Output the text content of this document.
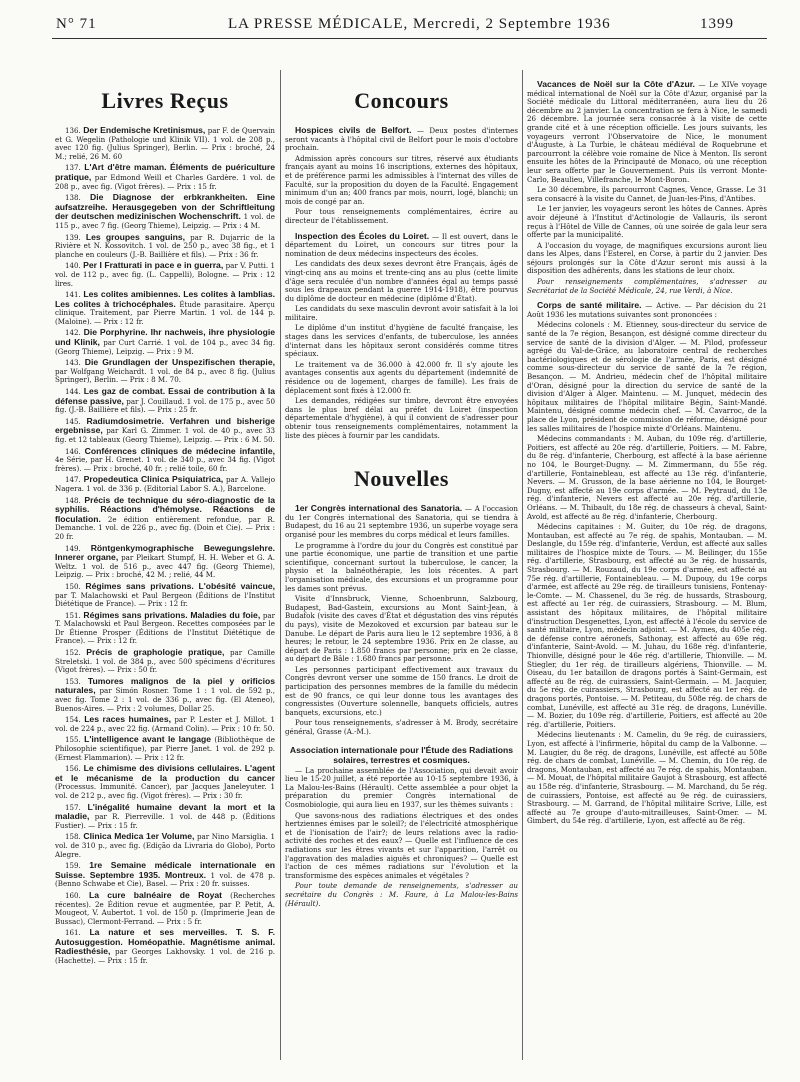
N° 71	LA PRESSE MÉDICALE, Mercredi, 2 Septembre 1936	1399
Livres Reçus

136. Der Endemische Kretinismus, par F. de Quervain et G. Wegelin (Pathologie und Klinik VII). 1 vol. de 208 p., avec 120 fig. (Julius Springer), Berlin. — Prix : broché, 24 M.; relié, 26 M. 60

137. L'Art d'être maman. Éléments de puériculture pratique, par Edmond Weill et Charles Gardère. 1 vol. de 208 p., avec fig. (Vigot frères). — Prix : 15 fr.

138. Die Diagnose der erbkrankheiten. Eine aufsatzreihe. Herausgegeben von der Schriftleitung der deutschen medizinischen Wochenschrift. 1 vol. de 115 p., avec 7 fig. (Georg Thieme), Leipzig. — Prix : 4 M.

139. Les groupes sanguins, par R. Dujarric de la Rivière et N. Kossovitch. 1 vol. de 250 p., avec 38 fig., et 1 planche en couleurs (J.-B. Baillière et fils). — Prix : 36 fr.

140. Per I Fratturati in pace e in guerra, par V. Putti. 1 vol. de 112 p., avec fig. (L. Cappelli), Bologne. — Prix : 12 lires.

141. Les colites amibiennes. Les colites à lamblias. Les colites à trichocéphales. Étude parasitaire. Aperçu clinique. Traitement, par Pierre Martin. 1 vol. de 144 p. (Maloine). — Prix : 12 fr.

142. Die Porphyrine. Ihr nachweis, ihre physiologie und Klinik, par Curt Carrié. 1 vol. de 104 p., avec 34 fig. (Georg Thieme), Leipzig. — Prix : 9 M.

143. Die Grundlagen der Unspezifischen therapie, par Wolfgang Weichardt. 1 vol. de 84 p., avec 8 fig. (Julius Springer), Berlin. — Prix : 8 M. 70.

144. Les gaz de combat. Essai de contribution à la défense passive, par J. Couillaud. 1 vol. de 175 p., avec 50 fig. (J.-B. Baillière et fils). — Prix : 25 fr.

145. Radiumdosimetrie. Verfahren und bisherige ergebnisse, par Karl G. Zimmer. 1 vol. de 40 p., avec 33 fig. et 12 tableaux (Georg Thieme), Leipzig. — Prix : 6 M. 50.

146. Conférences cliniques de médecine infantile, 4e Série, par H. Grenet. 1 vol. de 340 p., avec 34 fig. (Vigot frères). — Prix : broché, 40 fr. ; relié toile, 60 fr.

147. Propedeutica Clinica Psiquiatrica, par A. Vallejo Nagera. 1 vol. de 336 p. (Editorial Labor S. A.), Barcelone.

148. Précis de technique du séro-diagnostic de la syphilis. Réactions d'hémolyse. Réactions de floculation. 2e édition entièrement refondue, par R. Demanche. 1 vol. de 226 p., avec fig. (Doin et Cie). — Prix : 20 fr.

149. Röntgenkymographische Bewegungslehre. Innerer organe, par Pleikart Stumpf, H. H. Weber et G. A. Weltz. 1 vol. de 516 p., avec 447 fig. (Georg Thieme), Leipzig. — Prix : broché, 42 M. ; relié, 44 M.

150. Régimes sans privations. L'obésité vaincue, par T. Malachowski et Paul Bergeon (Éditions de l'Institut Diététique de France). — Prix : 12 fr.

151. Régimes sans privations. Maladies du foie, par T. Malachowski et Paul Bergeon. Recettes composées par le Dr Étienne Prosper (Éditions de l'Institut Diététique de France). — Prix : 12 fr.

152. Précis de graphologie pratique, par Camille Streletski. 1 vol. de 384 p., avec 500 spécimens d'écritures (Vigot frères). — Prix : 50 fr.

153. Tumores malignos de la piel y orificios naturales, par Simón Rosner. Tome 1 : 1 vol. de 592 p., avec fig. Tome 2 : 1 vol. de 336 p., avec fig. (El Ateneo), Buenos-Aires. — Prix : 2 volumes, Dollar 25.

154. Les races humaines, par P. Lester et J. Millot. 1 vol. de 224 p., avec 22 fig. (Armand Colin). — Prix : 10 fr. 50.

155. L'intelligence avant le langage (Bibliothèque de Philosophie scientifique), par Pierre Janet. 1 vol. de 292 p. (Ernest Flammarion). — Prix : 12 fr.

156. Le chimisme des divisions cellulaires. L'agent et le mécanisme de la production du cancer (Processus. Immunité. Cancer), par Jacques Janeleyuter. 1 vol. de 212 p., avec fig. (Vigot frères). — Prix : 30 fr.

157. L'inégalité humaine devant la mort et la maladie, par R. Pierreville. 1 vol. de 448 p. (Éditions Fustier). — Prix : 15 fr.

158. Clinica Medica 1er Volume, par Nino Marsiglia. 1 vol. de 310 p., avec fig. (Edição da Livraria do Globo), Porto Alegre.

159. 1re Semaine médicale internationale en Suisse. Septembre 1935. Montreux. 1 vol. de 478 p. (Benno Schwabe et Cie), Basel. — Prix : 20 fr. suisses.

160. La cure balnéaire de Royat (Recherches récentes). 2e Édition revue et augmentée, par P. Petit, A. Mougeot, V. Aubertot. 1 vol. de 150 p. (Imprimerie Jean de Bussac), Clermont-Ferrand. — Prix : 5 fr.

161. La nature et ses merveilles. T. S. F. Autosuggestion. Homéopathie. Magnétisme animal. Radiesthésie, par Georges Lakhovsky. 1 vol. de 216 p. (Hachette). — Prix : 15 fr.

Concours

Hospices civils de Belfort. — Deux postes d'internes seront vacants à l'hôpital civil de Belfort pour le mois d'octobre prochain.

Admission après concours sur titres, réservé aux étudiants français ayant au moins 16 inscriptions, externes des hôpitaux, et de préférence parmi les admissibles à l'internat des villes de Faculté, sur la proposition du doyen de la Faculté. Engagement minimum d'un an; 400 francs par mois, nourri, logé, blanchi; un mois de congé par an.

Pour tous renseignements complémentaires, écrire au directeur de l'établissement.

Inspection des Écoles du Loiret. — Il est ouvert, dans le département du Loiret, un concours sur titres pour la nomination de deux médecins inspecteurs des écoles.

Les candidats des deux sexes devront être Français, âgés de vingt-cinq ans au moins et trente-cinq ans au plus (cette limite d'âge sera reculée d'un nombre d'années égal au temps passé sous les drapeaux pendant la guerre 1914-1918), être pourvus du diplôme de docteur en médecine (diplôme d'État).

Les candidats du sexe masculin devront avoir satisfait à la loi militaire.

Le diplôme d'un institut d'hygiène de faculté française, les stages dans les services d'enfants, de tuberculose, les années d'internat dans les hôpitaux seront considérés comme titres spéciaux.

Le traitement va de 36.000 à 42.000 fr. Il s'y ajoute les avantages consentis aux agents du département (indemnité de résidence ou de logement, charges de famille). Les frais de déplacement sont fixés à 12.000 fr.

Les demandes, rédigées sur timbre, devront être envoyées dans le plus bref délai au préfet du Loiret (inspection départementale d'hygiène), à qui il convient de s'adresser pour obtenir tous renseignements complémentaires, notamment la liste des pièces à fournir par les candidats.

Nouvelles

1er Congrès international des Sanatoria. — A l'occasion du 1er Congrès international des Sanatoria, qui se tiendra à Budapest, du 16 au 21 septembre 1936, un superbe voyage sera organisé pour les membres du corps médical et leurs familles.

Le programme à l'ordre du jour du Congrès est constitué par une partie économique, une partie de transition et une partie scientifique, concernant surtout la tuberculose, le cancer, la physio et la balnéothérapie, les lois récentes. A part l'organisation médicale, des excursions et un programme pour les dames sont prévus.

Visite d'Innsbruck, Vienne, Schoenbrunn, Salzbourg, Budapest, Bad-Gastein, excursions au Mont Saint-Jean, à Budafok (visite des caves d'État et dégustation des vins réputés du pays), visite de Mezokoved et excursion par bateau sur le Danube. Le départ de Paris aura lieu le 12 septembre 1936, à 8 heures; le retour, le 24 septembre 1936. Prix en 2e classe, au départ de Paris : 1.850 francs par personne; prix en 2e classe, au départ de Bâle : 1.680 francs par personne.

Les personnes participant effectivement aux travaux du Congrès devront verser une somme de 150 francs. Le droit de participation des personnes membres de la famille du médecin est de 90 francs, ce qui leur donne tous les avantages des congressistes (Ouverture solennelle, banquets officiels, autres banquets, excursions, etc.)

Pour tous renseignements, s'adresser à M. Brody, secrétaire général, Grasse (A.-M.).

Association internationale pour l'Étude des Radiations solaires, terrestres et cosmiques.

— La prochaine assemblée de l'Association, qui devait avoir lieu le 15-20 juillet, a été reportée au 10-15 septembre 1936, à La Malou-les-Bains (Hérault). Cette assemblée a pour objet la préparation du premier Congrès international de Cosmobiologie, qui aura lieu en 1937, sur les thèmes suivants :

Que savons-nous des radiations électriques et des ondes hertziennes émises par le soleil?; de l'électricité atmosphérique et de l'ionisation de l'air?; de leurs relations avec la radio-activité des roches et des eaux? — Quelle est l'influence de ces radiations sur les êtres vivants et sur l'apparition, l'arrêt ou l'aggravation des maladies aiguës et chroniques? — Quelle est l'action de ces mêmes radiations sur l'évolution et la transformisme des espèces animales et végétales ?

Pour toute demande de renseignements, s'adresser au secrétaire du Congrès : M. Faure, à La Malou-les-Bains (Hérault).

Vacances de Noël sur la Côte d'Azur. — Le XIVe voyage médical international de Noël sur la Côte d'Azur, organisé par la Société médicale du Littoral méditerranéen, aura lieu du 26 décembre au 2 janvier. La concentration se fera à Nice, le samedi 26 décembre. La journée sera consacrée à la visite de cette grande cité et à une réception officielle. Les jours suivants, les voyageurs verront l'Observatoire de Nice, le monument d'Auguste, à La Turbie, le château médiéval de Roquebrune et parcourront la célèbre voie romaine de Nice à Menton. Ils seront ensuite les hôtes de la Principauté de Monaco, où une réception leur sera offerte par le Gouvernement. Puis ils verront Monte-Carlo, Beaulieu, Villefranche, le Mont-Boron.

Le 30 décembre, ils parcourront Cagnes, Vence, Grasse. Le 31 sera consacré à la visite du Cannet, de Juan-les-Pins, d'Antibes.

Le 1er janvier, les voyageurs seront les hôtes de Cannes. Après avoir déjeuné à l'Institut d'Actinologie de Vallauris, ils seront reçus à l'Hôtel de Ville de Cannes, où une soirée de gala leur sera offerte par la municipalité.

A l'occasion du voyage, de magnifiques excursions auront lieu dans les Alpes, dans l'Esterel, en Corse, à partir du 2 janvier. Des séjours prolongés sur la Côte d'Azur seront mis aussi à la disposition des adhérents, dans les stations de leur choix.

Pour renseignements complémentaires, s'adresser au Secrétariat de la Société Médicale, 24, rue Verdi, à Nice.

Corps de santé militaire. — Active. — Par décision du 21 Août 1936 les mutations suivantes sont prononcées :

Médecins colonels : M. Etienney, sous-directeur du service de santé de la 7e région, Besançon, est désigné comme directeur du service de santé de la division d'Alger. — M. Pilod, professeur agrégé du Val-de-Grâce, au laboratoire central de recherches bactériologiques et de sérologie de l'armée, Paris, est désigné comme sous-directeur du service de santé de la 7e région, Besançon. — M. Andrieu, médecin chef de l'hôpital militaire d'Oran, désigné pour la direction du service de santé de la division d'Alger à Alger. Maintenu. — M. Junquet, médecin des hôpitaux militaires de l'hôpital militaire Bégin, Saint-Mandé. Maintenu, désigné comme médecin chef. — M. Cavarroc, de la place de Lyon, président de commission de réforme, désigné pour les salles militaires de l'hospice mixte d'Orléans. Maintenu.

Médecins commandants : M. Auban, du 109e rég. d'artillerie, Poitiers, est affecté au 20e rég. d'artillerie, Poitiers. — M. Fabre, du 8e rég. d'infanterie, Cherbourg, est affecté à la base aérienne no 104, le Bourget-Dugny. — M. Zimmermann, du 55e rég. d'artillerie, Fontainebleau, est affecté au 13e rég. d'infanterie, Nevers. — M. Grusson, de la base aérienne no 104, le Bourget-Dugny, est affecté au 19e corps d'armée. — M. Peytraud, du 13e rég. d'infanterie, Nevers est affecté au 20e rég. d'artillerie, Orléans. — M. Thibault, du 18e rég. de chasseurs à cheval, Saint-Avold, est affecté au 8e rég. d'infanterie, Cherbourg.

Médecins capitaines : M. Guiter, du 10e rég. de dragons, Montauban, est affecté au 7e rég. de spahis, Montauban. — M. Deslangle, du 159e rég. d'infanterie, Verdun, est affecté aux salles militaires de l'hospice mixte de Tours. — M. Beilinger, du 155e rég. d'artillerie, Strasbourg, est affecté au 3e rég. de hussards, Strasbourg. — M. Rouzaud, du 19e corps d'armée, est affecté au 75e rég. d'artillerie, Fontainebleau. — M. Dupouy, du 19e corps d'armée, est affecté au 29e rég. de tirailleurs tunisiens, Fontenay-le-Comte. — M. Chassenel, du 3e rég. de hussards, Strasbourg, est affecté au 1er rég. de cuirassiers, Strasbourg. — M. Blum, assistant des hôpitaux militaires, de l'hôpital militaire d'instruction Desgenettes, Lyon, est affecté à l'école du service de santé militaire, Lyon, médecin adjoint. — M. Aymes, du 405e rég. de défense contre aéronefs, Sathonay, est affecté au 69e rég. d'infanterie, Saint-Avold. — M. Juhau, du 168e rég. d'infanterie, Thionville, désigné pour le 46e rég. d'artillerie, Thionville. — M. Stiegler, du 1er rég. de tirailleurs algériens, Thionville. — M. Oiseau, du 1er bataillon de dragons portés à Saint-Germain, est affecté au 8e rég. de cuirassiers, Saint-Germain. — M. Jacquier, du 5e rég. de cuirassiers, Strasbourg, est affecté au 1er rég. de dragons portés, Pontoise. — M. Petiteau, du 508e rég. de chars de combat, Lunéville, est affecté au 31e rég. de dragons, Lunéville. — M. Bozier, du 109e rég. d'artillerie, Poitiers, est affecté au 20e rég. d'artillerie, Poitiers.

Médecins lieutenants : M. Camelin, du 9e rég. de cuirassiers, Lyon, est affecté à l'infirmerie, hôpital du camp de la Valbonne. — M. Laugier, du 8e rég. de dragons, Lunéville, est affecté au 508e rég. de chars de combat, Lunéville. — M. Chemin, du 10e rég. de dragons, Montauban, est affecté au 7e rég. de spahis, Montauban. — M. Mouat, de l'hôpital militaire Gaujot à Strasbourg, est affecté au 158e rég. d'infanterie, Strasbourg. — M. Marchand, du 5e rég. de cuirassiers, Pontoise, est affecté au 9e rég. de cuirassiers, Strasbourg. — M. Garrand, de l'hôpital militaire Scrive, Lille, est affecté au 7e groupe d'auto-mitrailleuses, Saint-Omer. — M. Gimbert, du 54e rég. d'artillerie, Lyon, est affecté au 8e rég.
